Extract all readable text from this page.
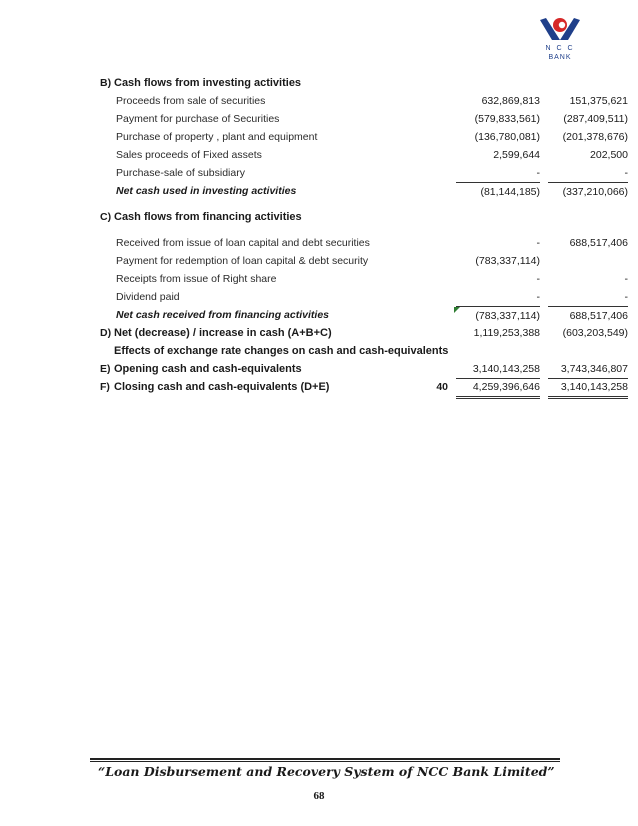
N C C
BANK
B) Cash flows from investing activities
Proceeds from sale of securities	632,869,813	151,375,621
Payment for purchase of Securities	(579,833,561)	(287,409,511)
Purchase of property , plant and equipment	(136,780,081)	(201,378,676)
Sales proceeds of Fixed assets	2,599,644	202,500
Purchase-sale of subsidiary	-	-
Net cash used in investing activities	(81,144,185)	(337,210,066)
C) Cash flows from financing activities
Received from issue of loan capital and debt securities	-	688,517,406
Payment for redemption of loan capital & debt security	(783,337,114)
Receipts from issue of Right share	-	-
Dividend paid	-	-
Net cash received from financing activities	(783,337,114)	688,517,406
D) Net (decrease) / increase in cash (A+B+C)	1,119,253,388	(603,203,549)
Effects of exchange rate changes on cash and cash-equivalents
E) Opening cash and cash-equivalents	3,140,143,258	3,743,346,807
F) Closing cash and cash-equivalents (D+E)	40	4,259,396,646	3,140,143,258
“Loan Disbursement and Recovery System of NCC Bank Limited”
68
